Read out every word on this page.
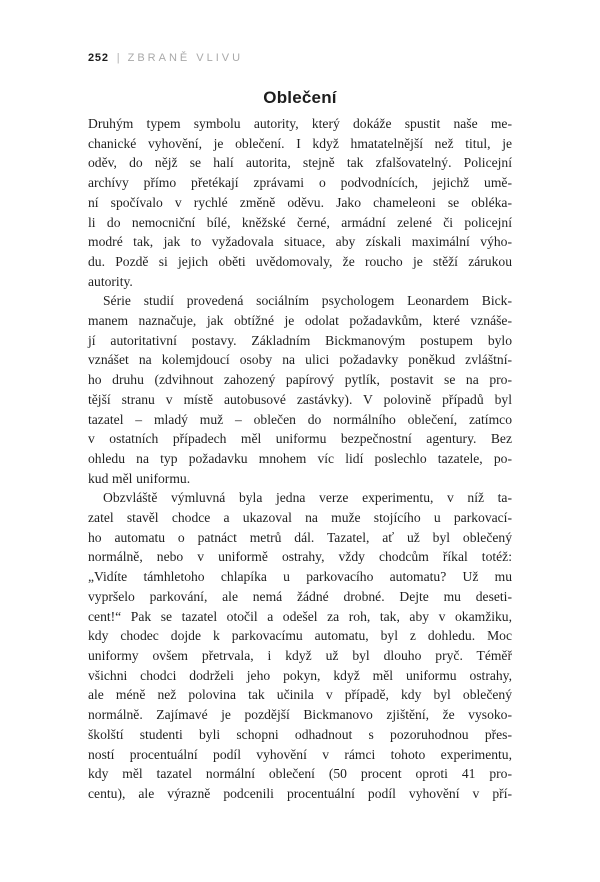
252 | ZBRANĚ VLIVU
Oblečení
Druhým typem symbolu autority, který dokáže spustit naše me-
chanické vyhovění, je oblečení. I když hmatatelnější než titul, je
oděv, do nějž se halí autorita, stejně tak zfalšovatelný. Policejní
archívy přímo přetékají zprávami o podvodnících, jejichž umě-
ní spočívalo v rychlé změně oděvu. Jako chameleoni se obléka-
li do nemocniční bílé, kněžské černé, armádní zelené či policejní
modré tak, jak to vyžadovala situace, aby získali maximální výho-
du. Pozdě si jejich oběti uvědomovaly, že roucho je stěží zárukou
autority.
Série studií provedená sociálním psychologem Leonardem Bick-
manem naznačuje, jak obtížné je odolat požadavkům, které vznáše-
jí autoritativní postavy. Základním Bickmanovým postupem bylo
vznášet na kolemjdoucí osoby na ulici požadavky poněkud zvláštní-
ho druhu (zdvihnout zahozený papírový pytlík, postavit se na pro-
tější stranu v místě autobusové zastávky). V polovině případů byl
tazatel – mladý muž – oblečen do normálního oblečení, zatímco
v ostatních případech měl uniformu bezpečnostní agentury. Bez
ohledu na typ požadavku mnohem víc lidí poslechlo tazatele, po-
kud měl uniformu.
Obzvláště výmluvná byla jedna verze experimentu, v níž ta-
zatel stavěl chodce a ukazoval na muže stojícího u parkovací-
ho automatu o patnáct metrů dál. Tazatel, ať už byl oblečený
normálně, nebo v uniformě ostrahy, vždy chodcům říkal totéž:
„Vidíte támhletoho chlapíka u parkovacího automatu? Už mu
vypršelo parkování, ale nemá žádné drobné. Dejte mu deseti-
cent!“ Pak se tazatel otočil a odešel za roh, tak, aby v okamžiku,
kdy chodec dojde k parkovacímu automatu, byl z dohledu. Moc
uniformy ovšem přetrvala, i když už byl dlouho pryč. Téměř
všichni chodci dodrželi jeho pokyn, když měl uniformu ostrahy,
ale méně než polovina tak učinila v případě, kdy byl oblečený
normálně. Zajímavé je pozdější Bickmanovo zjištění, že vysoko-
školští studenti byli schopni odhadnout s pozoruhodnou přes-
ností procentuální podíl vyhovění v rámci tohoto experimentu,
kdy měl tazatel normální oblečení (50 procent oproti 41 pro-
centu), ale výrazně podcenili procentuální podíl vyhovění v pří-
